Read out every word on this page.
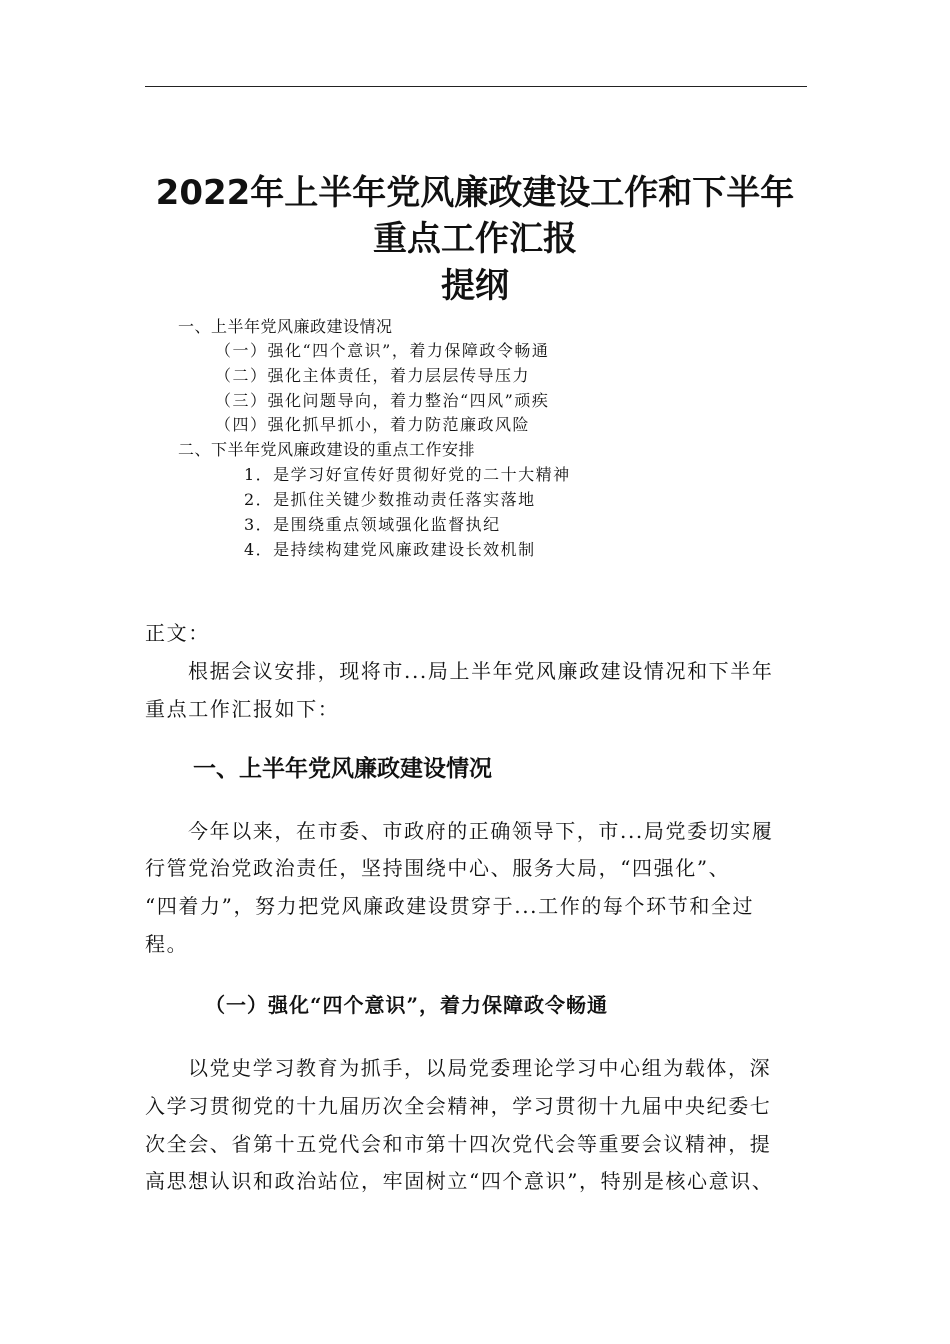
2022年上半年党风廉政建设工作和下半年
重点工作汇报
提纲
一、上半年党风廉政建设情况
（一）强化“四个意识”，着力保障政令畅通
（二）强化主体责任，着力层层传导压力
（三）强化问题导向，着力整治“四风”顽疾
（四）强化抓早抓小，着力防范廉政风险
二、下半年党风廉政建设的重点工作安排
1．是学习好宣传好贯彻好党的二十大精神
2．是抓住关键少数推动责任落实落地
3．是围绕重点领域强化监督执纪
4．是持续构建党风廉政建设长效机制
正文：
根据会议安排，现将市...局上半年党风廉政建设情况和下半年
重点工作汇报如下：
一、上半年党风廉政建设情况
今年以来，在市委、市政府的正确领导下，市...局党委切实履
行管党治党政治责任，坚持围绕中心、服务大局，“四强化”、
“四着力”，努力把党风廉政建设贯穿于...工作的每个环节和全过
程。
（一）强化“四个意识”，着力保障政令畅通
以党史学习教育为抓手，以局党委理论学习中心组为载体，深
入学习贯彻党的十九届历次全会精神，学习贯彻十九届中央纪委七
次全会、省第十五党代会和市第十四次党代会等重要会议精神，提
高思想认识和政治站位，牢固树立“四个意识”，特别是核心意识、
